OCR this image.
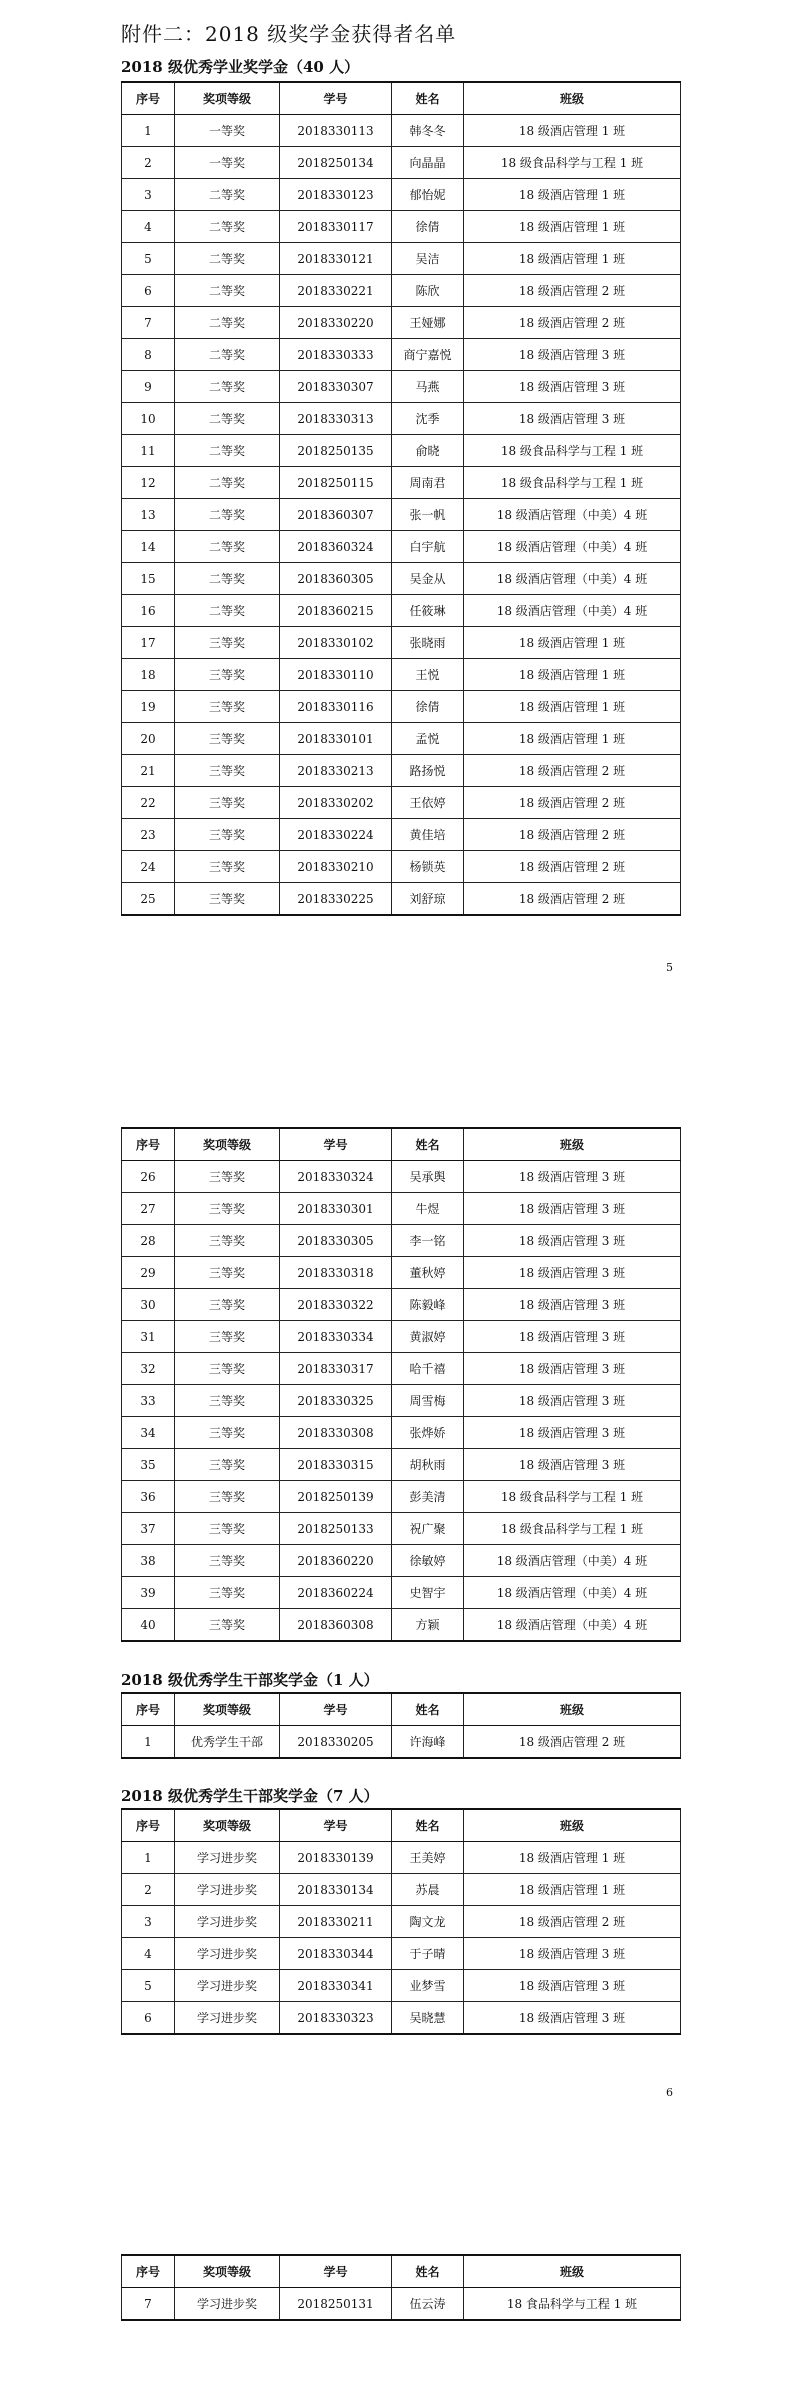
附件二：2018 级奖学金获得者名单
2018 级优秀学业奖学金（40 人）
序号	奖项等级	学号	姓名	班级
1	一等奖	2018330113	韩冬冬	18 级酒店管理 1 班
2	一等奖	2018250134	向晶晶	18 级食品科学与工程 1 班
3	二等奖	2018330123	郁怡妮	18 级酒店管理 1 班
4	二等奖	2018330117	徐倩	18 级酒店管理 1 班
5	二等奖	2018330121	吴洁	18 级酒店管理 1 班
6	二等奖	2018330221	陈欣	18 级酒店管理 2 班
7	二等奖	2018330220	王娅娜	18 级酒店管理 2 班
8	二等奖	2018330333	商宁嘉悦	18 级酒店管理 3 班
9	二等奖	2018330307	马燕	18 级酒店管理 3 班
10	二等奖	2018330313	沈季	18 级酒店管理 3 班
11	二等奖	2018250135	俞晓	18 级食品科学与工程 1 班
12	二等奖	2018250115	周南君	18 级食品科学与工程 1 班
13	二等奖	2018360307	张一帆	18 级酒店管理（中美）4 班
14	二等奖	2018360324	白宇航	18 级酒店管理（中美）4 班
15	二等奖	2018360305	吴金从	18 级酒店管理（中美）4 班
16	二等奖	2018360215	任筱琳	18 级酒店管理（中美）4 班
17	三等奖	2018330102	张晓雨	18 级酒店管理 1 班
18	三等奖	2018330110	王悦	18 级酒店管理 1 班
19	三等奖	2018330116	徐倩	18 级酒店管理 1 班
20	三等奖	2018330101	孟悦	18 级酒店管理 1 班
21	三等奖	2018330213	路扬悦	18 级酒店管理 2 班
22	三等奖	2018330202	王依婷	18 级酒店管理 2 班
23	三等奖	2018330224	黄佳培	18 级酒店管理 2 班
24	三等奖	2018330210	杨锁英	18 级酒店管理 2 班
25	三等奖	2018330225	刘舒琼	18 级酒店管理 2 班
5
序号	奖项等级	学号	姓名	班级
26	三等奖	2018330324	吴承舆	18 级酒店管理 3 班
27	三等奖	2018330301	牛煜	18 级酒店管理 3 班
28	三等奖	2018330305	李一铭	18 级酒店管理 3 班
29	三等奖	2018330318	董秋婷	18 级酒店管理 3 班
30	三等奖	2018330322	陈毅峰	18 级酒店管理 3 班
31	三等奖	2018330334	黄淑婷	18 级酒店管理 3 班
32	三等奖	2018330317	哈千禧	18 级酒店管理 3 班
33	三等奖	2018330325	周雪梅	18 级酒店管理 3 班
34	三等奖	2018330308	张烨娇	18 级酒店管理 3 班
35	三等奖	2018330315	胡秋雨	18 级酒店管理 3 班
36	三等奖	2018250139	彭美清	18 级食品科学与工程 1 班
37	三等奖	2018250133	祝广聚	18 级食品科学与工程 1 班
38	三等奖	2018360220	徐敏婷	18 级酒店管理（中美）4 班
39	三等奖	2018360224	史智宇	18 级酒店管理（中美）4 班
40	三等奖	2018360308	方颖	18 级酒店管理（中美）4 班
2018 级优秀学生干部奖学金（1 人）
序号	奖项等级	学号	姓名	班级
1	优秀学生干部	2018330205	许海峰	18 级酒店管理 2 班
2018 级优秀学生干部奖学金（7 人）
序号	奖项等级	学号	姓名	班级
1	学习进步奖	2018330139	王美婷	18 级酒店管理 1 班
2	学习进步奖	2018330134	苏晨	18 级酒店管理 1 班
3	学习进步奖	2018330211	陶文龙	18 级酒店管理 2 班
4	学习进步奖	2018330344	于子晴	18 级酒店管理 3 班
5	学习进步奖	2018330341	业梦雪	18 级酒店管理 3 班
6	学习进步奖	2018330323	吴晓慧	18 级酒店管理 3 班
6
序号	奖项等级	学号	姓名	班级
7	学习进步奖	2018250131	伍云涛	18 食品科学与工程 1 班
